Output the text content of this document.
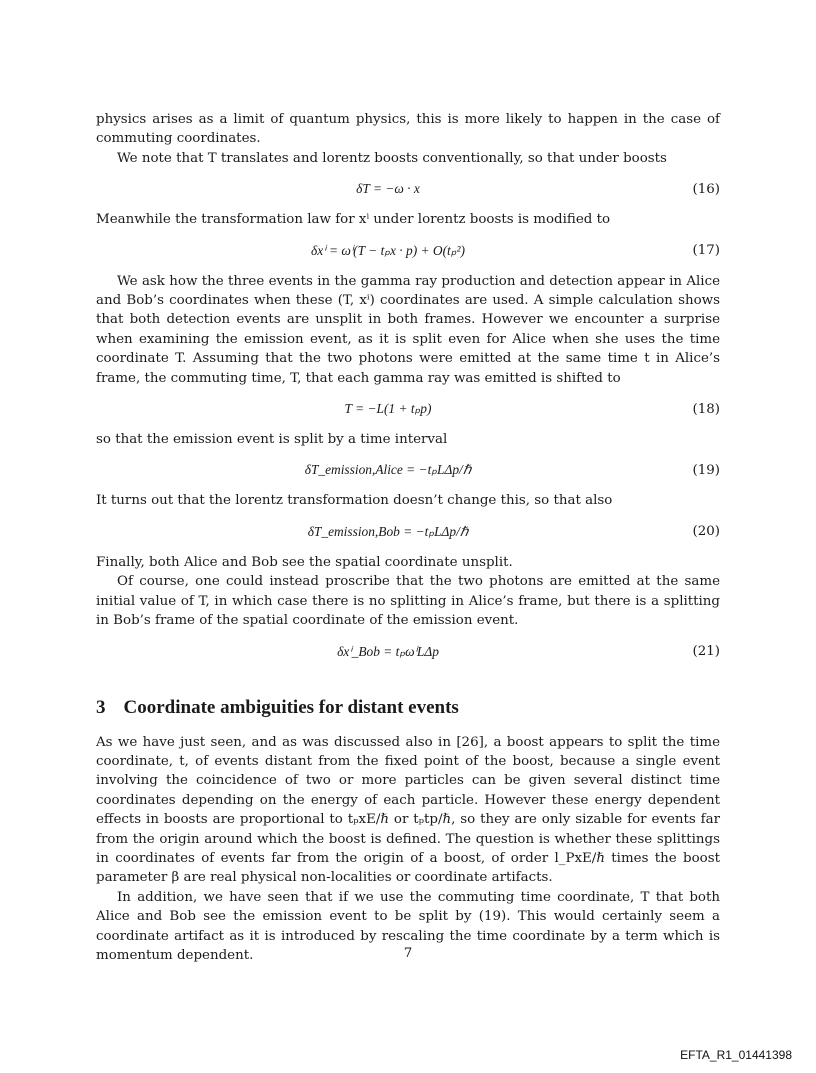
physics arises as a limit of quantum physics, this is more likely to happen in the case of commuting coordinates.

We note that T translates and lorentz boosts conventionally, so that under boosts

δT = −ω · x	(16)

Meanwhile the transformation law for xⁱ under lorentz boosts is modified to

δxⁱ = ωⁱ(T − tₚx · p) + O(tₚ²)	(17)

We ask how the three events in the gamma ray production and detection appear in Alice and Bob’s coordinates when these (T, xⁱ) coordinates are used. A simple calculation shows that both detection events are unsplit in both frames. However we encounter a surprise when examining the emission event, as it is split even for Alice when she uses the time coordinate T. Assuming that the two photons were emitted at the same time t in Alice’s frame, the commuting time, T, that each gamma ray was emitted is shifted to

T = −L(1 + tₚp)	(18)

so that the emission event is split by a time interval

δT_emission,Alice = −tₚLΔp/ℏ	(19)

It turns out that the lorentz transformation doesn’t change this, so that also

δT_emission,Bob = −tₚLΔp/ℏ	(20)

Finally, both Alice and Bob see the spatial coordinate unsplit.

Of course, one could instead proscribe that the two photons are emitted at the same initial value of T, in which case there is no splitting in Alice’s frame, but there is a splitting in Bob’s frame of the spatial coordinate of the emission event.

δxⁱ_Bob = tₚωⁱLΔp	(21)
3 Coordinate ambiguities for distant events

As we have just seen, and as was discussed also in [26], a boost appears to split the time coordinate, t, of events distant from the fixed point of the boost, because a single event involving the coincidence of two or more particles can be given several distinct time coordinates depending on the energy of each particle. However these energy dependent effects in boosts are proportional to tₚxE/ℏ or tₚtp/ℏ, so they are only sizable for events far from the origin around which the boost is defined. The question is whether these splittings in coordinates of events far from the origin of a boost, of order l_PxE/ℏ times the boost parameter β are real physical non-localities or coordinate artifacts.

In addition, we have seen that if we use the commuting time coordinate, T that both Alice and Bob see the emission event to be split by (19). This would certainly seem a coordinate artifact as it is introduced by rescaling the time coordinate by a term which is momentum dependent.	7
EFTA_R1_01441398
